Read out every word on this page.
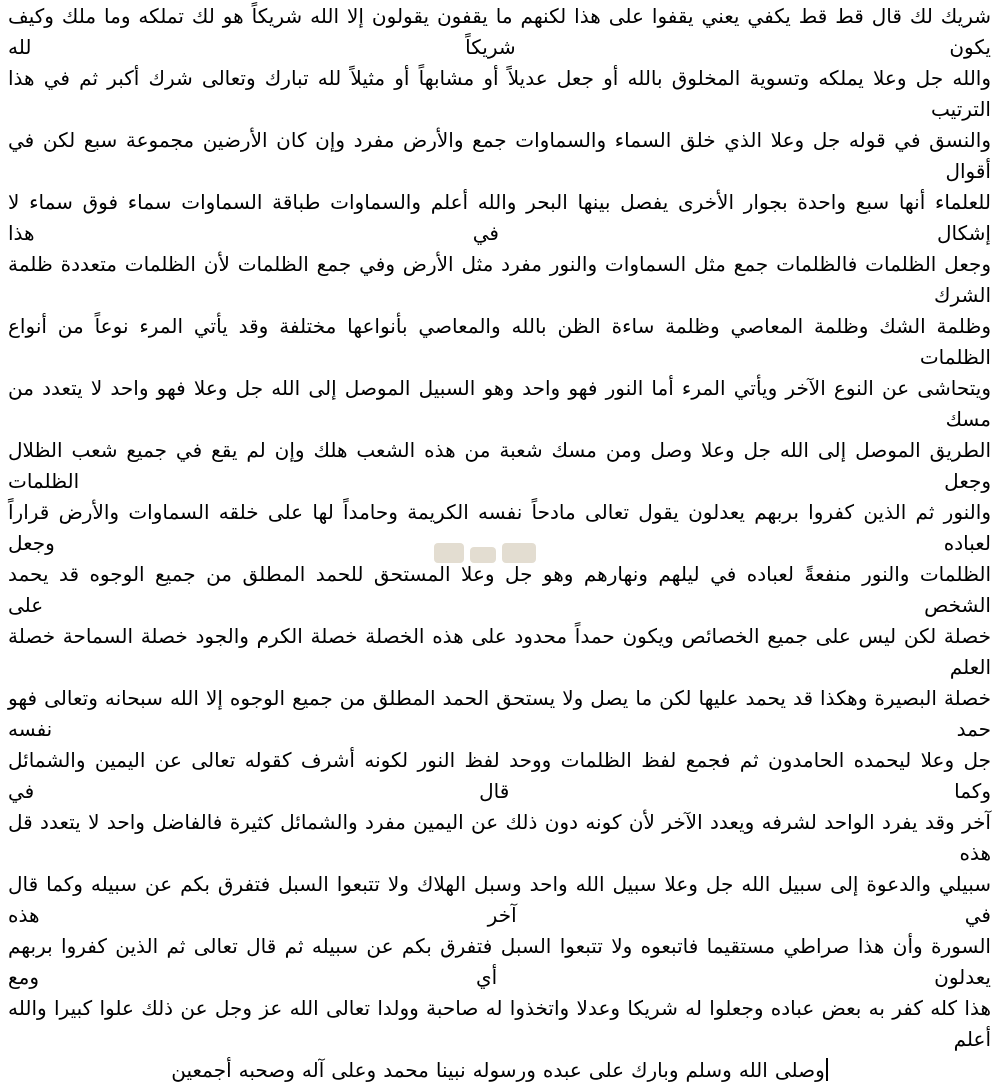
شريك لك قال قط قط يكفي يعني يقفوا على هذا لكنهم ما يقفون يقولون إلا الله شريكاً هو لك تملكه وما ملك وكيف يكون شريكاً لله

والله جل وعلا يملكه وتسوية المخلوق بالله أو جعل عديلاً أو مشابهاً أو مثيلاً لله تبارك وتعالى شرك أكبر ثم في هذا الترتيب

والنسق في قوله جل وعلا الذي خلق السماء والسماوات جمع والأرض مفرد وإن كان الأرضين مجموعة سبع لكن في أقوال

للعلماء أنها سبع واحدة بجوار الأخرى يفصل بينها البحر والله أعلم والسماوات طباقة السماوات سماء فوق سماء لا إشكال في هذا

وجعل الظلمات فالظلمات جمع مثل السماوات والنور مفرد مثل الأرض وفي جمع الظلمات لأن الظلمات متعددة ظلمة الشرك

وظلمة الشك وظلمة المعاصي وظلمة ساءة الظن بالله والمعاصي بأنواعها مختلفة وقد يأتي المرء نوعاً من أنواع الظلمات

ويتحاشى عن النوع الآخر ويأتي المرء أما النور فهو واحد وهو السبيل الموصل إلى الله جل وعلا فهو واحد لا يتعدد من مسك

الطريق الموصل إلى الله جل وعلا وصل ومن مسك شعبة من هذه الشعب هلك وإن لم يقع في جميع شعب الظلال وجعل الظلمات

والنور ثم الذين كفروا بربهم يعدلون يقول تعالى مادحاً نفسه الكريمة وحامداً لها على خلقه السماوات والأرض قراراً لعباده وجعل

الظلمات والنور منفعةً لعباده في ليلهم ونهارهم وهو جل وعلا المستحق للحمد المطلق من جميع الوجوه قد يحمد الشخص على

خصلة لكن ليس على جميع الخصائص ويكون حمداً محدود على هذه الخصلة خصلة الكرم والجود خصلة السماحة خصلة العلم

خصلة البصيرة وهكذا قد يحمد عليها لكن ما يصل ولا يستحق الحمد المطلق من جميع الوجوه إلا الله سبحانه وتعالى فهو حمد نفسه

جل وعلا ليحمده الحامدون ثم فجمع لفظ الظلمات ووحد لفظ النور لكونه أشرف كقوله تعالى عن اليمين والشمائل وكما قال في

آخر وقد يفرد الواحد لشرفه ويعدد الآخر لأن كونه دون ذلك عن اليمين مفرد والشمائل كثيرة فالفاضل واحد لا يتعدد قل هذه

سبيلي والدعوة إلى سبيل الله جل وعلا سبيل الله واحد وسبل الهلاك ولا تتبعوا السبل فتفرق بكم عن سبيله وكما قال في آخر هذه

السورة وأن هذا صراطي مستقيما فاتبعوه ولا تتبعوا السبل فتفرق بكم عن سبيله ثم قال تعالى ثم الذين كفروا بربهم يعدلون أي ومع

هذا كله كفر به بعض عباده وجعلوا له شريكا وعدلا واتخذوا له صاحبة وولدا تعالى الله عز وجل عن ذلك علوا كبيرا والله أعلم

وصلى الله وسلم وبارك على عبده ورسوله نبينا محمد وعلى آله وصحبه أجمعين
